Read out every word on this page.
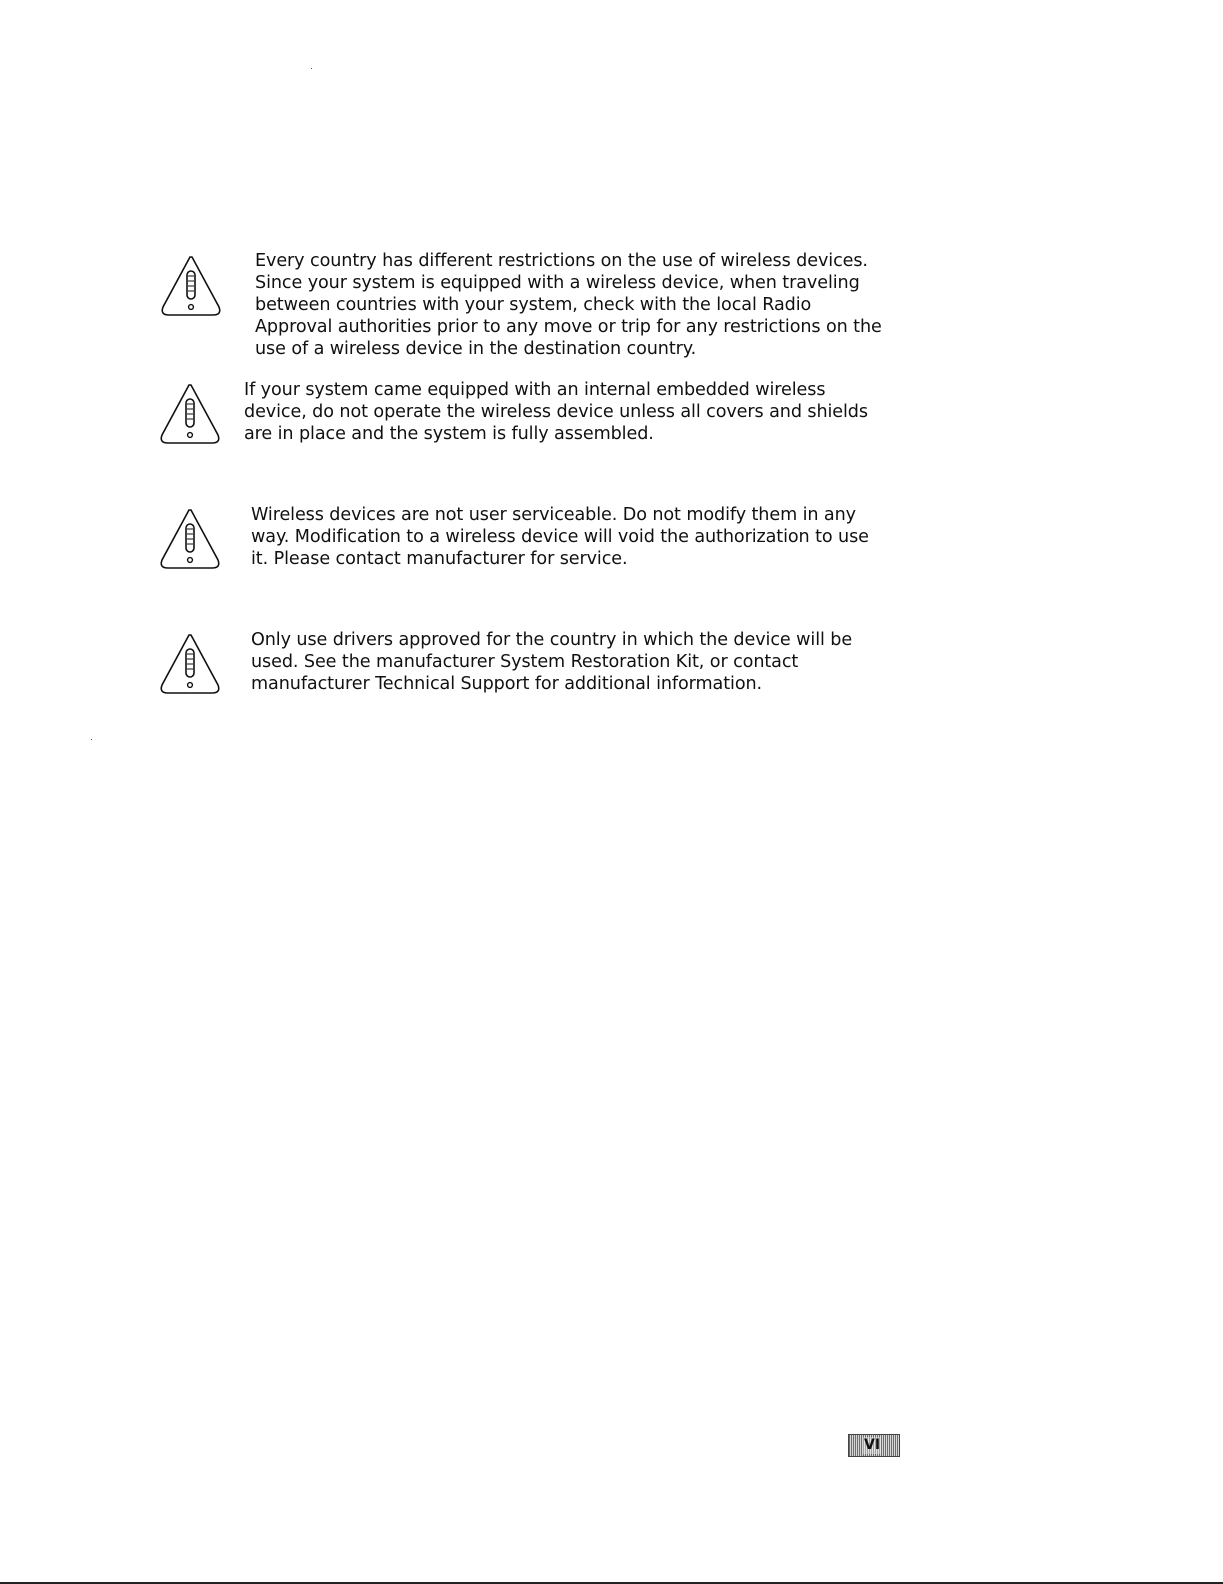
Every country has different restrictions on the use of wireless devices.
Since your system is equipped with a wireless device, when traveling
between countries with your system, check with the local Radio
Approval authorities prior to any move or trip for any restrictions on the
use of a wireless device in the destination country.

If your system came equipped with an internal embedded wireless
device, do not operate the wireless device unless all covers and shields
are in place and the system is fully assembled.

Wireless devices are not user serviceable. Do not modify them in any
way. Modification to a wireless device will void the authorization to use
it. Please contact manufacturer for service.

Only use drivers approved for the country in which the device will be
used. See the manufacturer System Restoration Kit, or contact
manufacturer Technical Support for additional information.

VI
